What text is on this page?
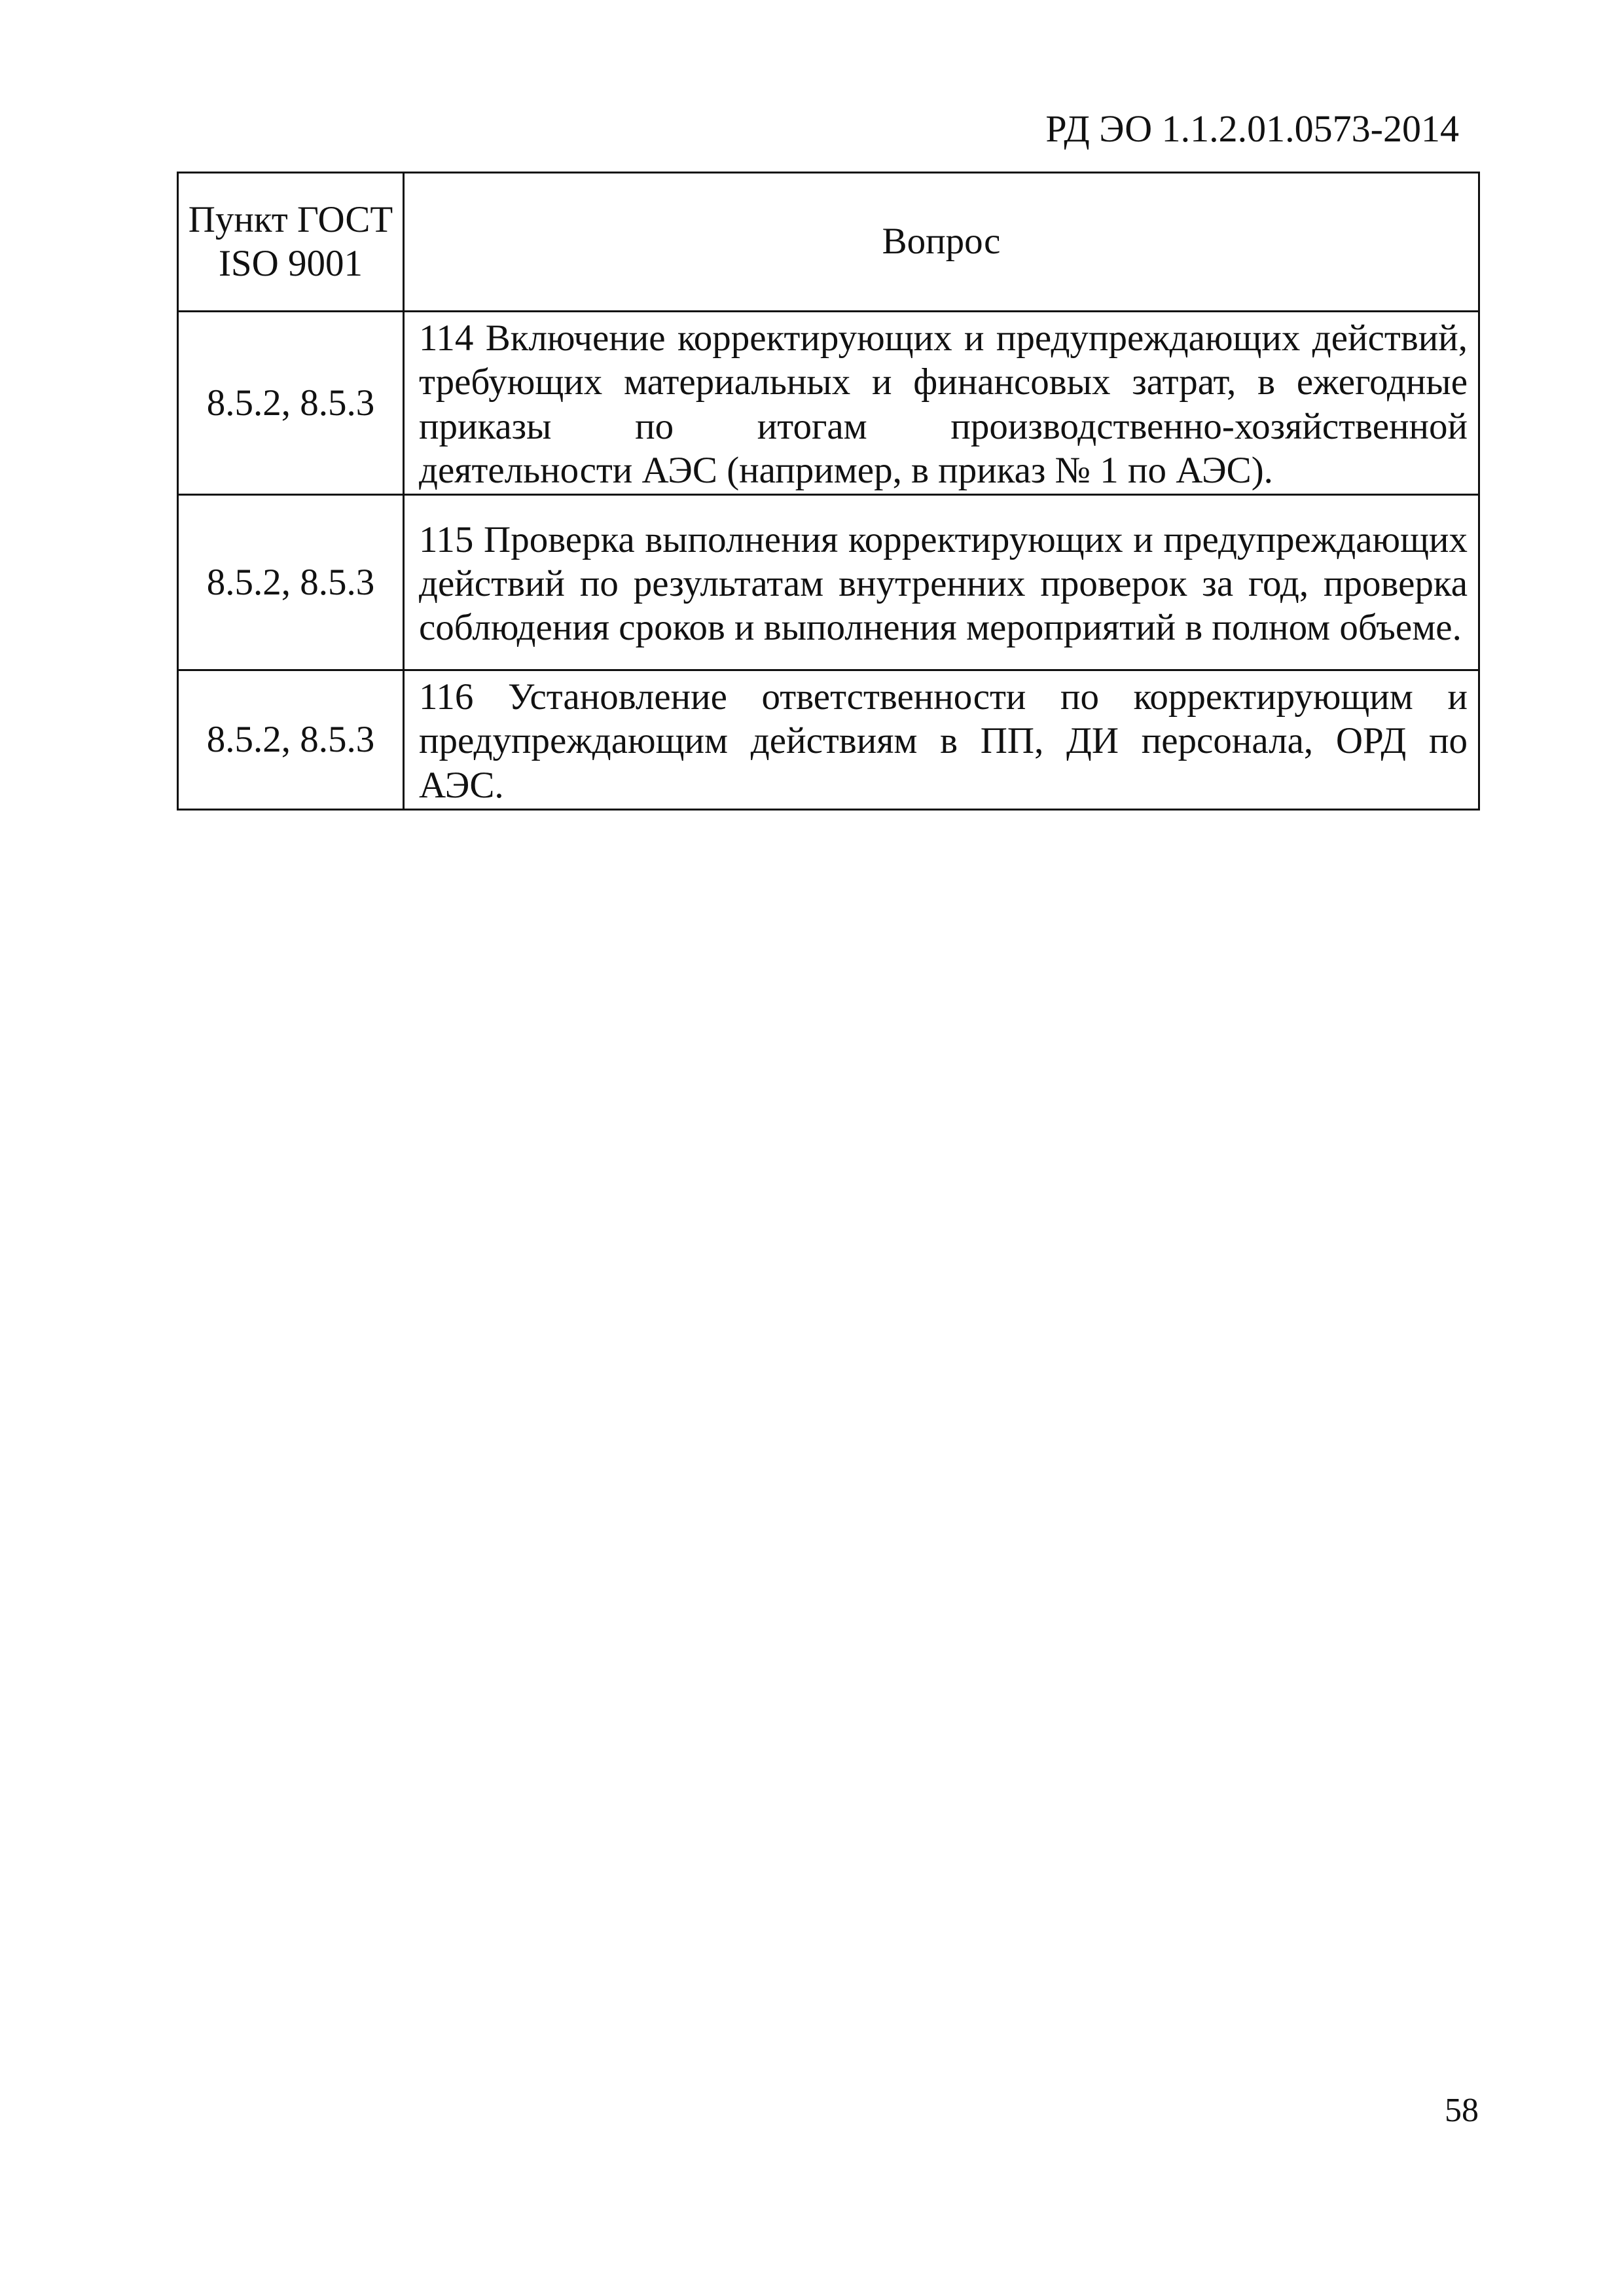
РД ЭО 1.1.2.01.0573-2014
Пункт ГОСТ ISO 9001	Вопрос

8.5.2, 8.5.3	114 Включение корректирующих и предупреждающих действий, требующих материальных и финансовых затрат, в ежегодные приказы по итогам производственно-хозяйственной деятельности АЭС (например, в приказ № 1 по АЭС).

8.5.2, 8.5.3	115 Проверка выполнения корректирующих и предупреждающих действий по результатам внутренних проверок за год, проверка соблюдения сроков и выполнения мероприятий в полном объеме.

8.5.2, 8.5.3	116 Установление ответственности по корректирующим и предупреждающим действиям в ПП, ДИ персонала, ОРД по АЭС.
58
